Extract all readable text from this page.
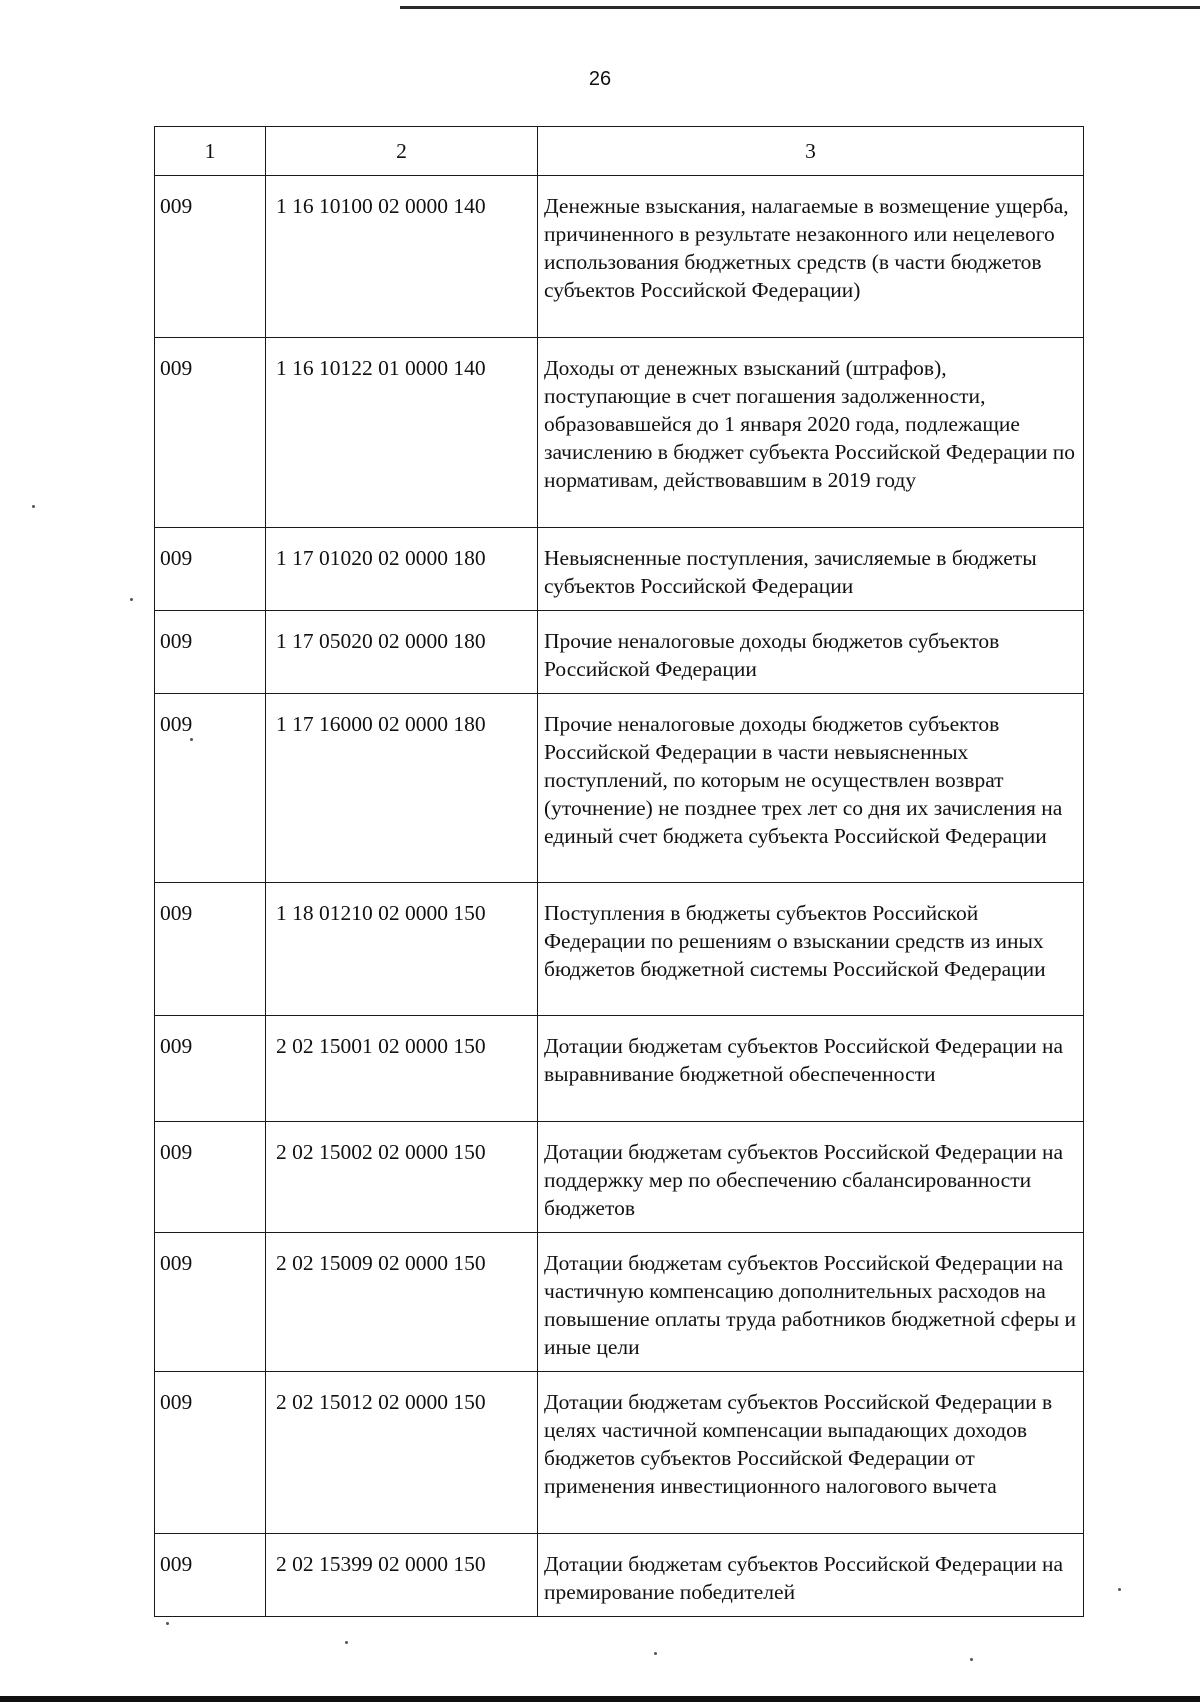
26
1	2	3
009	1 16 10100 02 0000 140	Денежные взыскания, налагаемые в возмещение ущерба, причиненного в результате незаконного или нецелевого использования бюджетных средств (в части бюджетов субъектов Российской Федерации)
009	1 16 10122 01 0000 140	Доходы от денежных взысканий (штрафов), поступающие в счет погашения задолженности, образовавшейся до 1 января 2020 года, подлежащие зачислению в бюджет субъекта Российской Федерации по нормативам, действовавшим в 2019 году
009	1 17 01020 02 0000 180	Невыясненные поступления, зачисляемые в бюджеты субъектов Российской Федерации
009	1 17 05020 02 0000 180	Прочие неналоговые доходы бюджетов субъектов Российской Федерации
009	1 17 16000 02 0000 180	Прочие неналоговые доходы бюджетов субъектов Российской Федерации в части невыясненных поступлений, по которым не осуществлен возврат (уточнение) не позднее трех лет со дня их зачисления на единый счет бюджета субъекта Российской Федерации
009	1 18 01210 02 0000 150	Поступления в бюджеты субъектов Российской Федерации по решениям о взыскании средств из иных бюджетов бюджетной системы Российской Федерации
009	2 02 15001 02 0000 150	Дотации бюджетам субъектов Российской Федерации на выравнивание бюджетной обеспеченности
009	2 02 15002 02 0000 150	Дотации бюджетам субъектов Российской Федерации на поддержку мер по обеспечению сбалансированности бюджетов
009	2 02 15009 02 0000 150	Дотации бюджетам субъектов Российской Федерации на частичную компенсацию дополнительных расходов на повышение оплаты труда работников бюджетной сферы и иные цели
009	2 02 15012 02 0000 150	Дотации бюджетам субъектов Российской Федерации в целях частичной компенсации выпадающих доходов бюджетов субъектов Российской Федерации от применения инвестиционного налогового вычета
009	2 02 15399 02 0000 150	Дотации бюджетам субъектов Российской Федерации на премирование победителей
